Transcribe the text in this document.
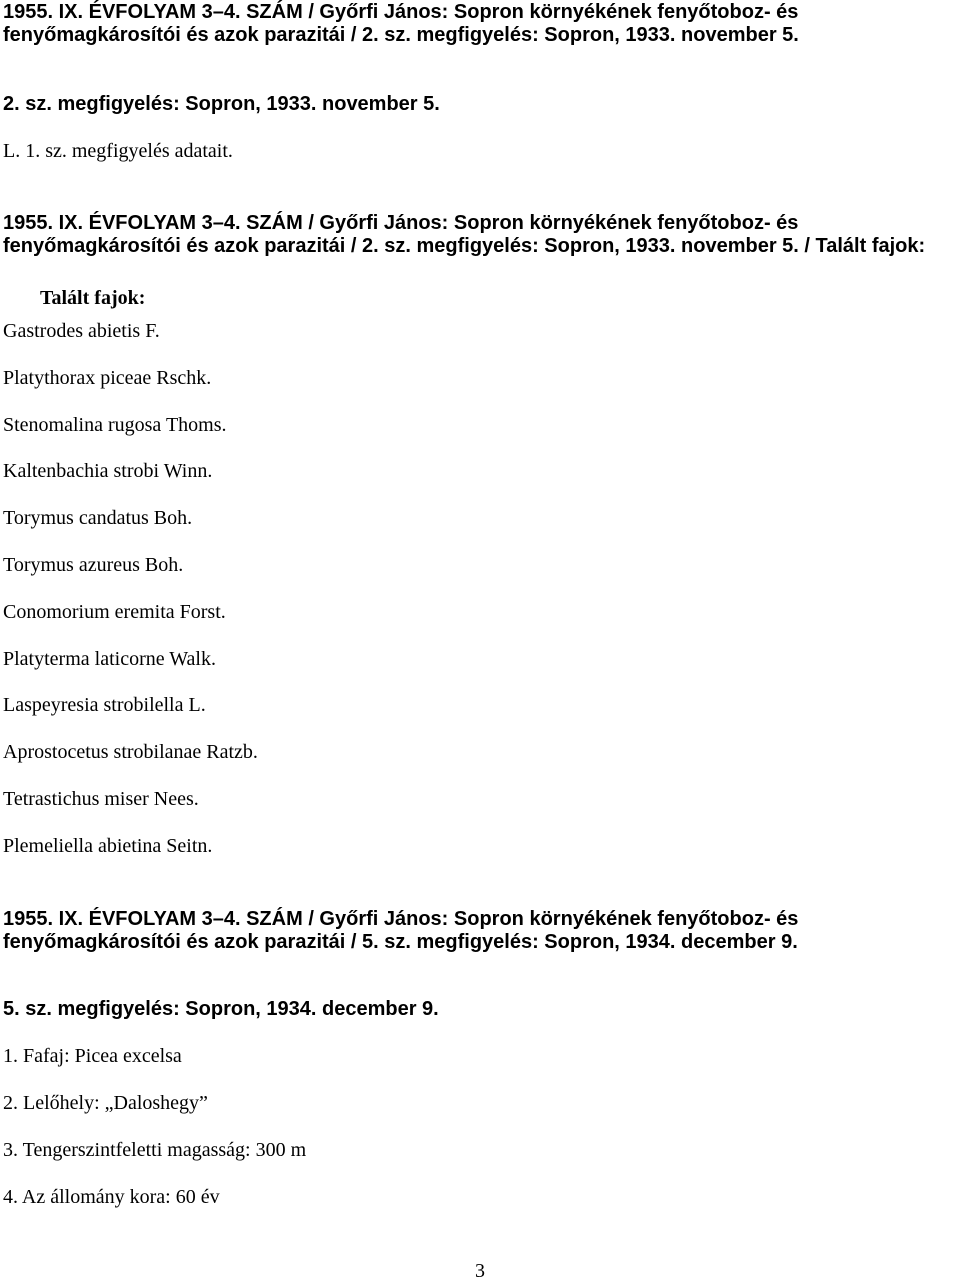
1955. IX. ÉVFOLYAM 3–4. SZÁM / Győrfi János: Sopron környékének fenyőtoboz- és
fenyőmagkárosítói és azok parazitái / 2. sz. megfigyelés: Sopron, 1933. november 5.
2. sz. megfigyelés: Sopron, 1933. november 5.
L. 1. sz. megfigyelés adatait.
1955. IX. ÉVFOLYAM 3–4. SZÁM / Győrfi János: Sopron környékének fenyőtoboz- és
fenyőmagkárosítói és azok parazitái / 2. sz. megfigyelés: Sopron, 1933. november 5. / Talált fajok:
Talált fajok:
Gastrodes abietis F.
Platythorax piceae Rschk.
Stenomalina rugosa Thoms.
Kaltenbachia strobi Winn.
Torymus candatus Boh.
Torymus azureus Boh.
Conomorium eremita Forst.
Platyterma laticorne Walk.
Laspeyresia strobilella L.
Aprostocetus strobilanae Ratzb.
Tetrastichus miser Nees.
Plemeliella abietina Seitn.
1955. IX. ÉVFOLYAM 3–4. SZÁM / Győrfi János: Sopron környékének fenyőtoboz- és
fenyőmagkárosítói és azok parazitái / 5. sz. megfigyelés: Sopron, 1934. december 9.
5. sz. megfigyelés: Sopron, 1934. december 9.
1. Fafaj: Picea excelsa
2. Lelőhely: „Daloshegy”
3. Tengerszintfeletti magasság: 300 m
4. Az állomány kora: 60 év
3
